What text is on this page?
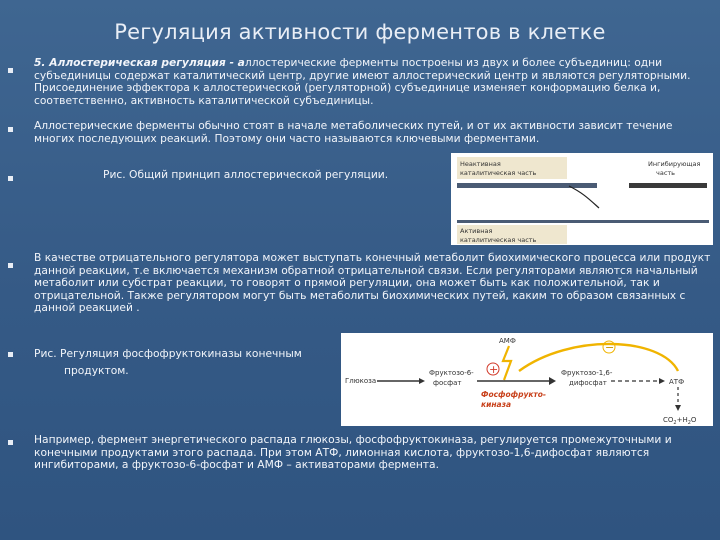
Регуляция активности ферментов в клетке
5. Аллостерическая регуляция - аллостерические ферменты построены из двух и более субъединиц: одни субъединицы содержат каталитический центр, другие имеют аллостерический центр и являются регуляторными. Присоединение эффектора к аллостерической (регуляторной) субъединице изменяет конформацию белка и, соответственно, активность каталитической субъединицы.
Аллостерические ферменты обычно стоят в начале метаболических путей, и от их активности зависит течение многих последующих реакций. Поэтому они часто называются ключевыми ферментами.
Рис. Общий принцип аллостерической регуляции.
Неактивная
каталитическая часть
Ингибирующая
часть
Активная
каталитическая часть
В качестве отрицательного регулятора может выступать конечный метаболит биохимического процесса или продукт данной реакции, т.е включается механизм обратной отрицательной связи. Если регуляторами являются начальный метаболит или субстрат реакции, то говорят о прямой регуляции, она может быть как положительной, так и отрицательной. Также регулятором могут быть метаболиты биохимических путей, каким то образом связанных с данной реакцией .
Рис. Регуляция фосфофруктокиназы конечным
продуктом.
АМФ
+
−
Глюкоза
Фруктозо-6-
фосфат
Фруктозо-1,6-
дифосфат	АТФ
Фосфофрукто-
киназа
$CO_2+H_2O$
Например, фермент энергетического распада глюкозы, фосфофруктокиназа, регулируется промежуточными и конечными продуктами этого распада. При этом АТФ, лимонная кислота, фруктозо-1,6-дифосфат являются ингибиторами, а фруктозо-6-фосфат и АМФ – активаторами фермента.
